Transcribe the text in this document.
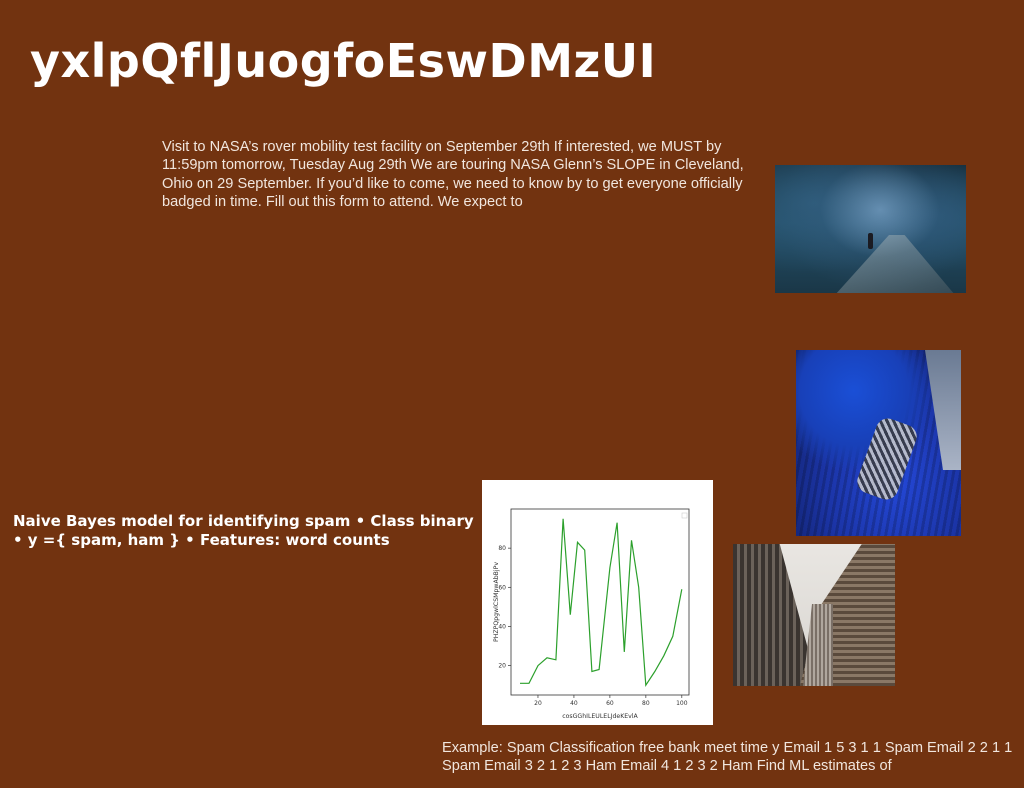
yxlpQflJuogfoEswDMzUI

Visit to NASA’s rover mobility test facility on September 29th If interested, we MUST by 11:59pm tomorrow, Tuesday Aug 29th We are touring NASA Glenn’s SLOPE in Cleveland, Ohio on 29 September. If you’d like to come, we need to know by to get everyone officially badged in time. Fill out this form to attend. We expect to

Naive Bayes model for identifying spam • Class binary • y ={ spam, ham } • Features: word counts

20	40	60	80	100
20
40
60
80
cosGGhILEULELJdeKEvlA
PHZPQpgwlCSMpwAbBjPv

Example: Spam Classification free bank meet time y Email 1 5 3 1 1 Spam Email 2 2 1 1 Spam Email 3 2 1 2 3 Ham Email 4 1 2 3 2 Ham Find ML estimates of
